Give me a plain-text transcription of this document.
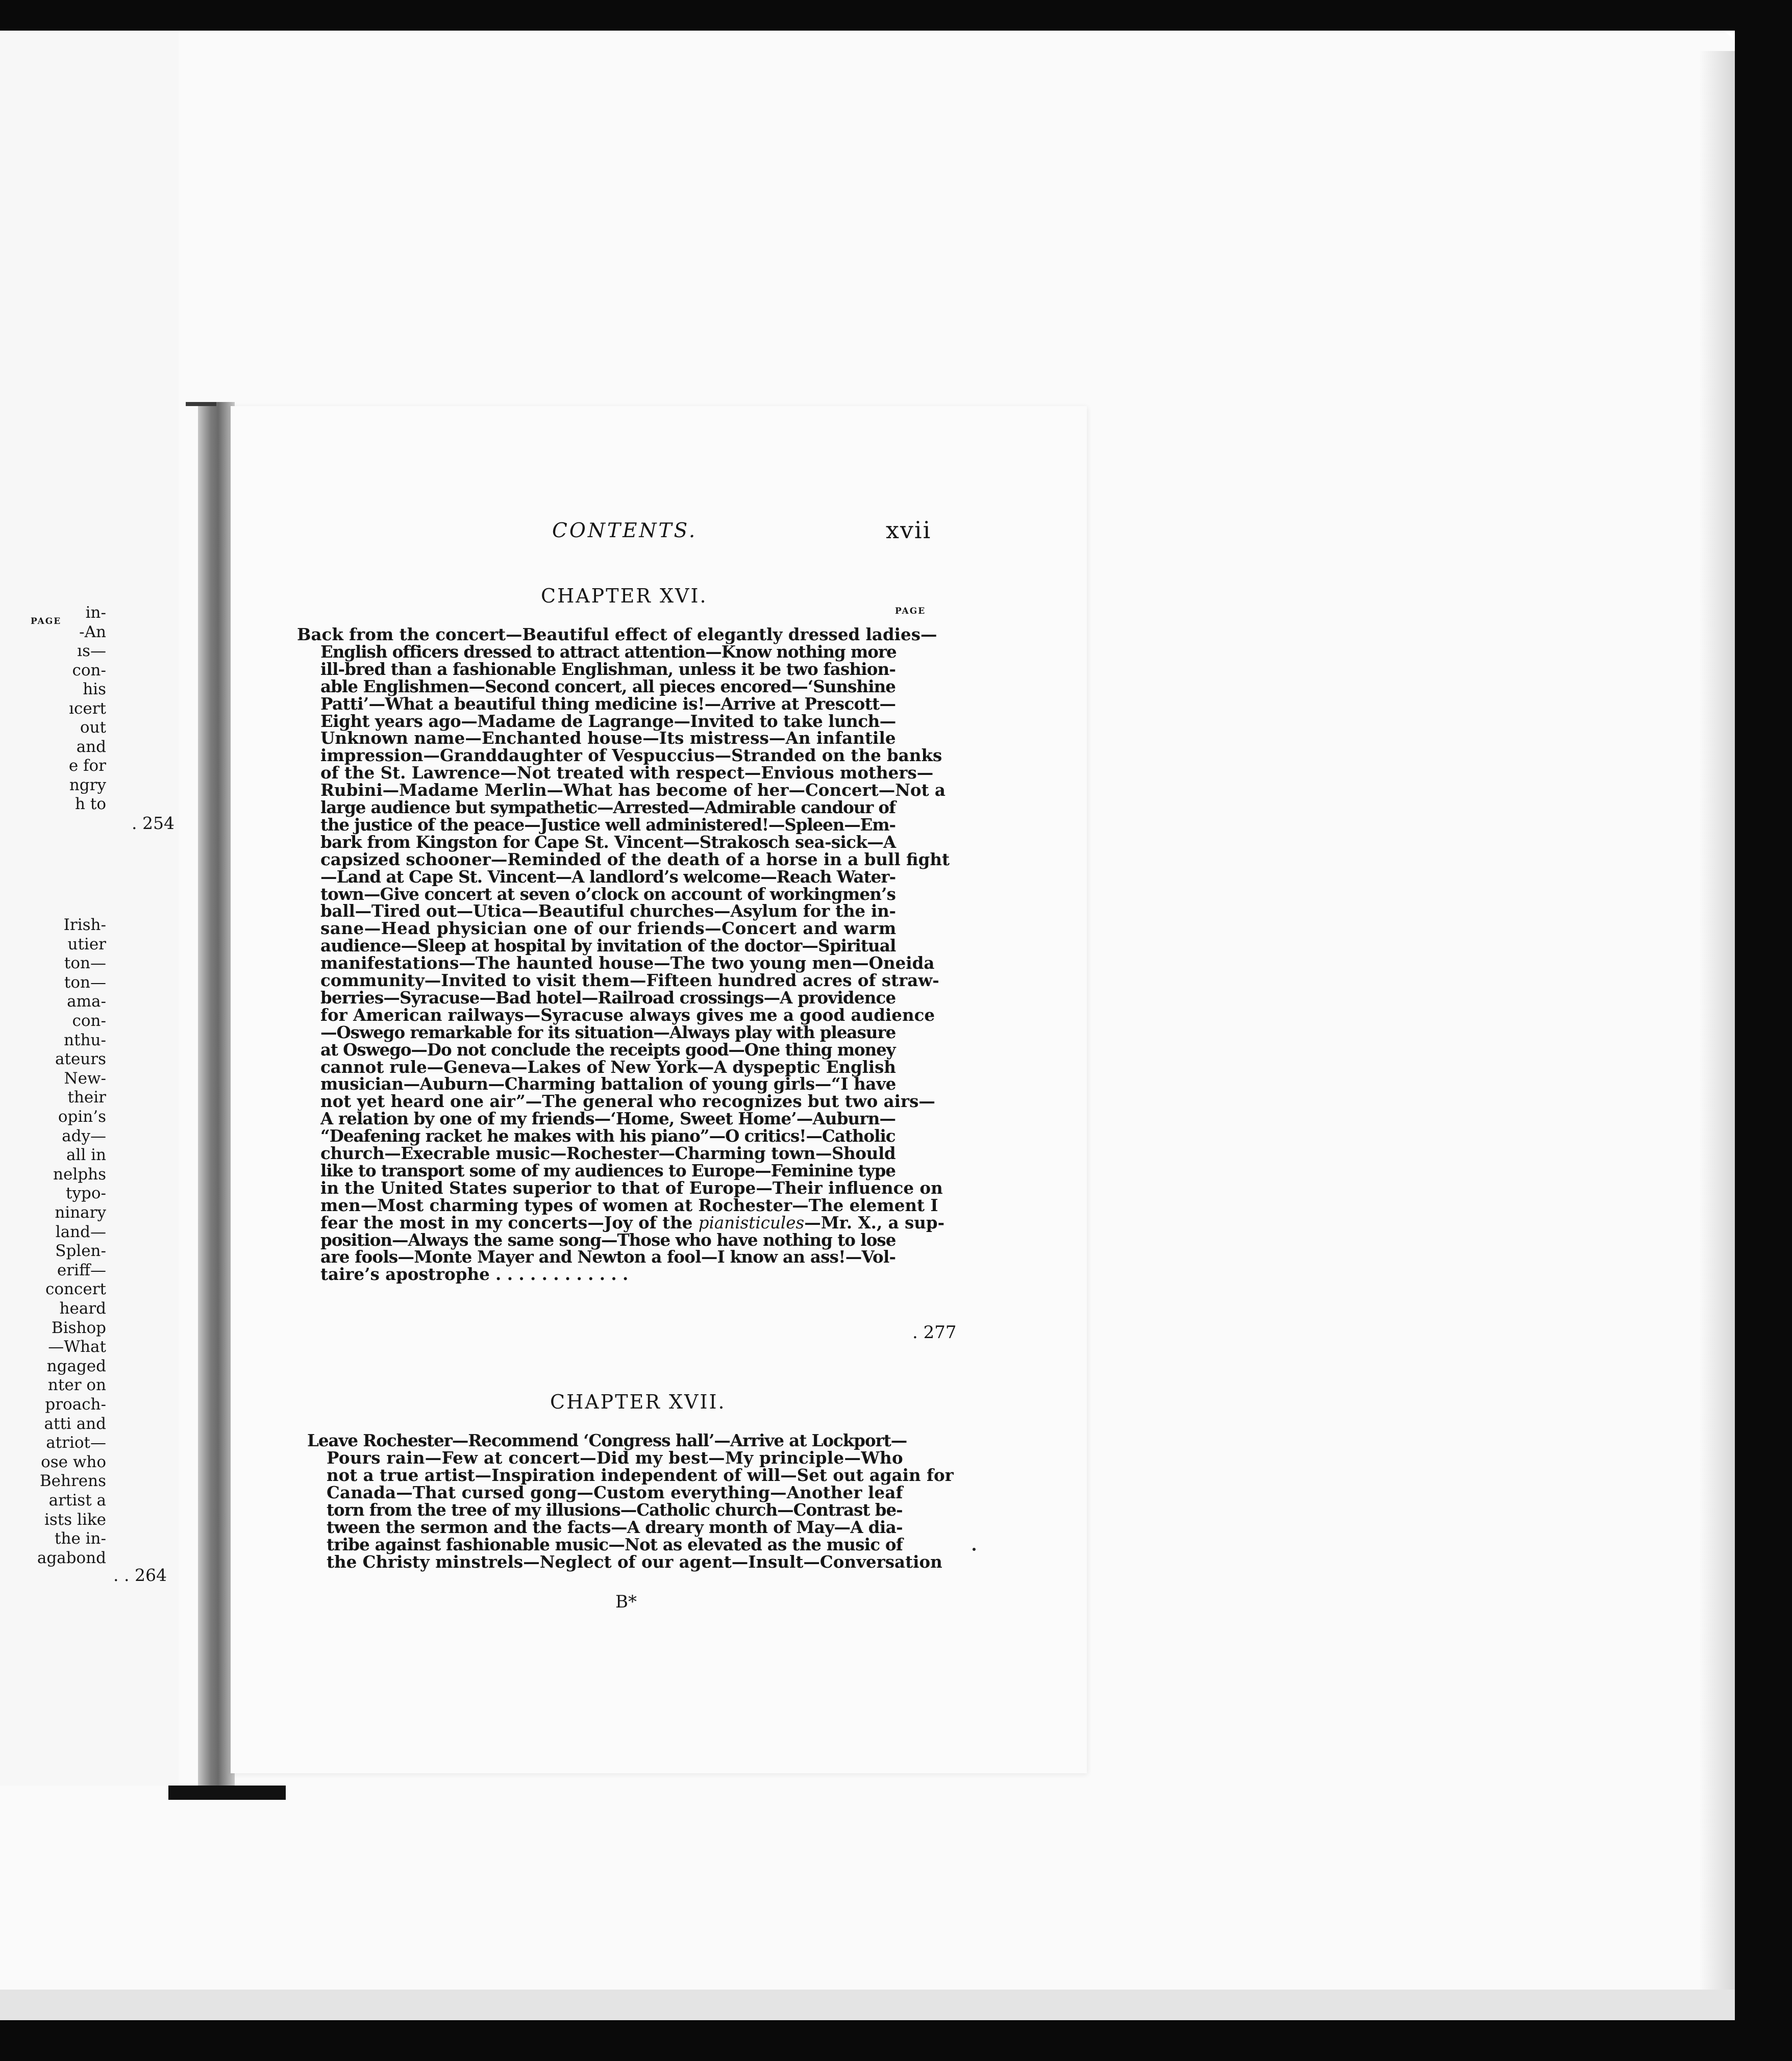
PAGE in-
-An
ıs—
con-
his
ıcert
out
and
e for
ngry
h to
. 254
Irish-
utier
ton—
ton—
ama-
con-
nthu-
ateurs
New-
their
opin’s
ady—
all in
nelphs
typo-
ninary
land—
Splen-
eriff—
concert
heard
Bishop
—What
ngaged
nter on
proach-
atti and
atriot—
ose who
Behrens
artist a
ists like
the in-
agabond
. . 264
CONTENTS.	xvii
CHAPTER XVI.
PAGE
Back from the concert—Beautiful effect of elegantly dressed ladies—
English officers dressed to attract attention—Know nothing more
ill-bred than a fashionable Englishman, unless it be two fashion-
able Englishmen—Second concert, all pieces encored—‘Sunshine
Patti’—What a beautiful thing medicine is!—Arrive at Prescott—
Eight years ago—Madame de Lagrange—Invited to take lunch—
Unknown name—Enchanted house—Its mistress—An infantile
impression—Granddaughter of Vespuccius—Stranded on the banks
of the St. Lawrence—Not treated with respect—Envious mothers—
Rubini—Madame Merlin—What has become of her—Concert—Not a
large audience but sympathetic—Arrested—Admirable candour of
the justice of the peace—Justice well administered!—Spleen—Em-
bark from Kingston for Cape St. Vincent—Strakosch sea-sick—A
capsized schooner—Reminded of the death of a horse in a bull fight
—Land at Cape St. Vincent—A landlord’s welcome—Reach Water-
town—Give concert at seven o’clock on account of workingmen’s
ball—Tired out—Utica—Beautiful churches—Asylum for the in-
sane—Head physician one of our friends—Concert and warm
audience—Sleep at hospital by invitation of the doctor—Spiritual
manifestations—The haunted house—The two young men—Oneida
community—Invited to visit them—Fifteen hundred acres of straw-
berries—Syracuse—Bad hotel—Railroad crossings—A providence
for American railways—Syracuse always gives me a good audience
—Oswego remarkable for its situation—Always play with pleasure
at Oswego—Do not conclude the receipts good—One thing money
cannot rule—Geneva—Lakes of New York—A dyspeptic English
musician—Auburn—Charming battalion of young girls—“I have
not yet heard one air”—The general who recognizes but two airs—
A relation by one of my friends—‘Home, Sweet Home’—Auburn—
“Deafening racket he makes with his piano”—O critics!—Catholic
church—Execrable music—Rochester—Charming town—Should
like to transport some of my audiences to Europe—Feminine type
in the United States superior to that of Europe—Their influence on
men—Most charming types of women at Rochester—The element I
fear the most in my concerts—Joy of the pianisticules—Mr. X., a sup-
position—Always the same song—Those who have nothing to lose
are fools—Monte Mayer and Newton a fool—I know an ass!—Vol-
taire’s apostrophe . . . . . . . . . . . .
. 277
CHAPTER XVII.
Leave Rochester—Recommend ‘Congress hall’—Arrive at Lockport—
Pours rain—Few at concert—Did my best—My principle—Who
not a true artist—Inspiration independent of will—Set out again for
Canada—That cursed gong—Custom everything—Another leaf
torn from the tree of my illusions—Catholic church—Contrast be-
tween the sermon and the facts—A dreary month of May—A dia-
tribe against fashionable music—Not as elevated as the music of
the Christy minstrels—Neglect of our agent—Insult—Conversation
B*
